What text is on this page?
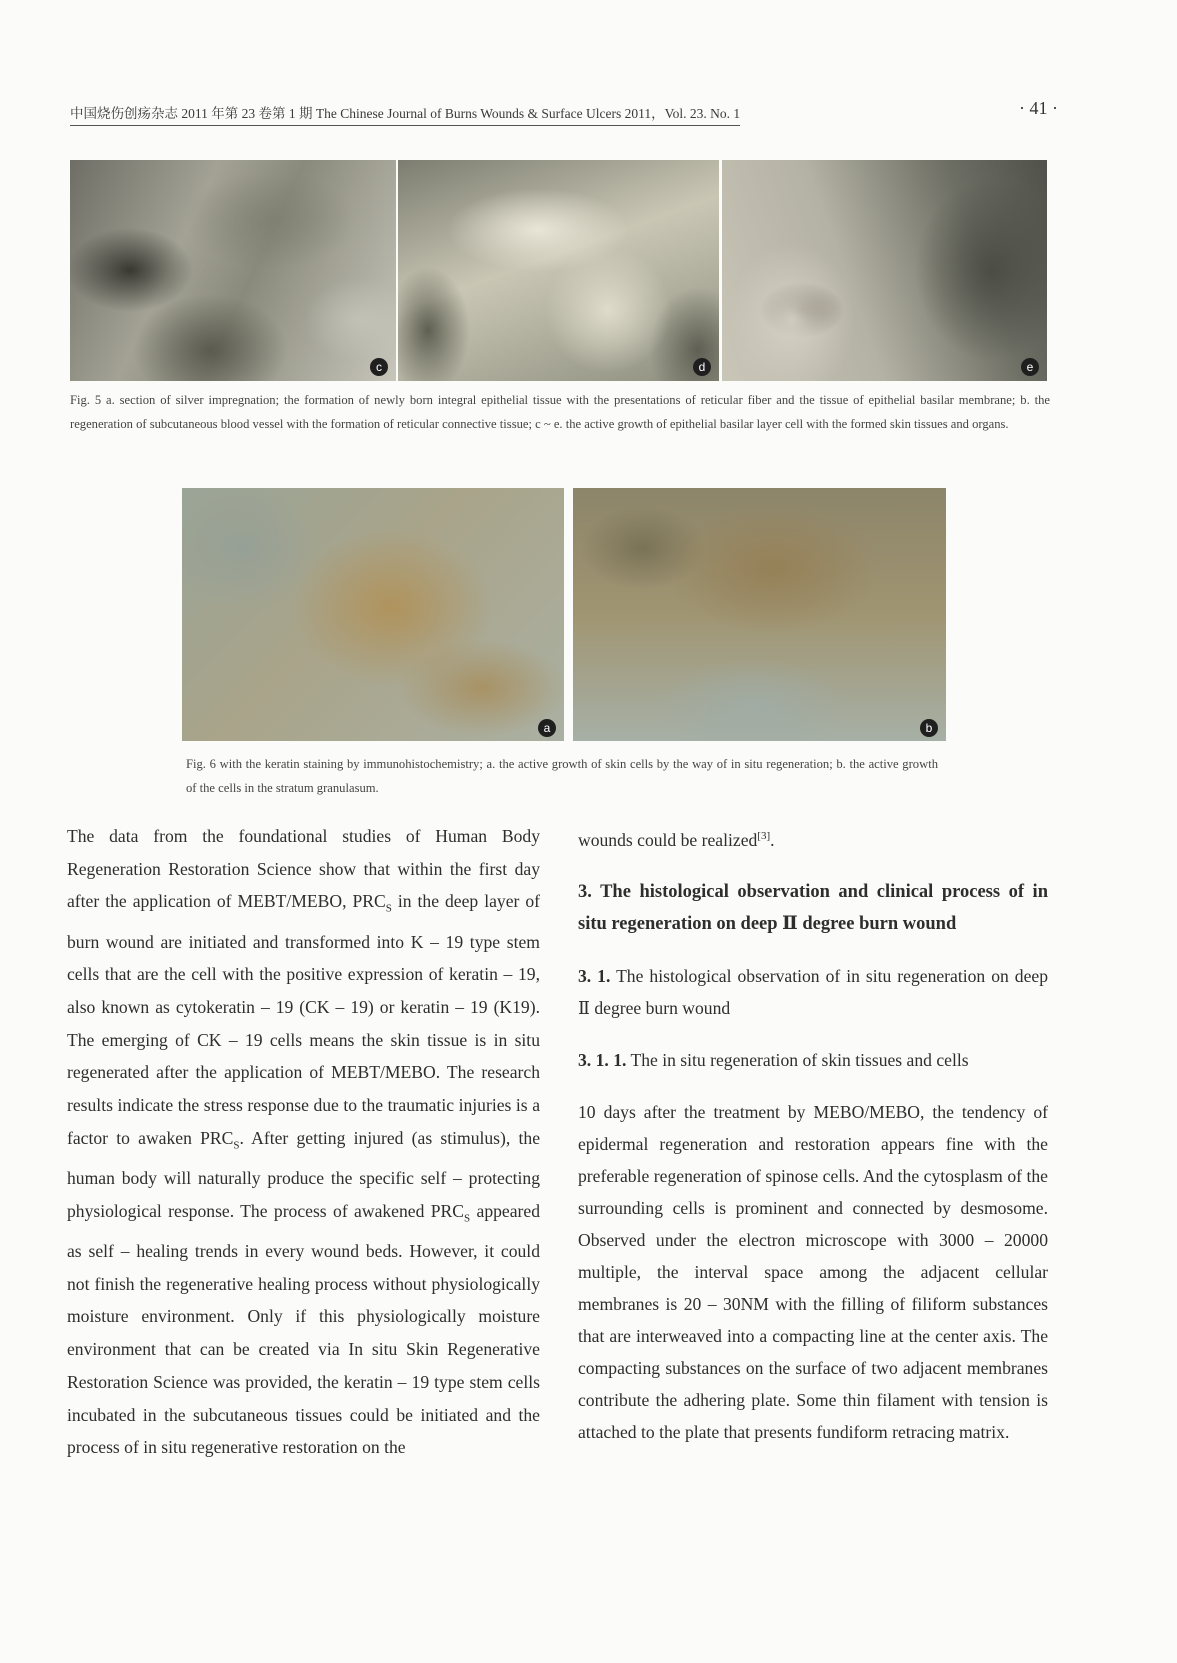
中国烧伤创疡杂志 2011 年第 23 卷第 1 期 The Chinese Journal of Burns Wounds & Surface Ulcers 2011，Vol. 23. No. 1	· 41 ·
c	d	e
Fig. 5 a. section of silver impregnation; the formation of newly born integral epithelial tissue with the presentations of reticular fiber and the tissue of epithelial basilar membrane; b. the regeneration of subcutaneous blood vessel with the formation of reticular connective tissue; c ~ e. the active growth of epithelial basilar layer cell with the formed skin tissues and organs.
a	b
Fig. 6 with the keratin staining by immunohistochemistry; a. the active growth of skin cells by the way of in situ regeneration; b. the active growth of the cells in the stratum granulasum.

The data from the foundational studies of Human Body Regeneration Restoration Science show that within the first day after the application of MEBT/MEBO, $PRC_S$ in the deep layer of burn wound are initiated and transformed into K – 19 type stem cells that are the cell with the positive expression of keratin – 19, also known as cytokeratin – 19 (CK – 19) or keratin – 19 (K19). The emerging of CK – 19 cells means the skin tissue is in situ regenerated after the application of MEBT/MEBO. The research results indicate the stress response due to the traumatic injuries is a factor to awaken $PRC_S$. After getting injured (as stimulus), the human body will naturally produce the specific self – protecting physiological response. The process of awakened $PRC_S$ appeared as self – healing trends in every wound beds. However, it could not finish the regenerative healing process without physiologically moisture environment. Only if this physiologically moisture environment that can be created via In situ Skin Regenerative Restoration Science was provided, the keratin – 19 type stem cells incubated in the subcutaneous tissues could be initiated and the process of in situ regenerative restoration on the

wounds could be realized[3].

3. The histological observation and clinical process of in situ regeneration on deep Ⅱ degree burn wound

3. 1. The histological observation of in situ regeneration on deep Ⅱ degree burn wound

3. 1. 1. The in situ regeneration of skin tissues and cells

10 days after the treatment by MEBO/MEBO, the tendency of epidermal regeneration and restoration appears fine with the preferable regeneration of spinose cells. And the cytosplasm of the surrounding cells is prominent and connected by desmosome. Observed under the electron microscope with 3000 – 20000 multiple, the interval space among the adjacent cellular membranes is 20 – 30NM with the filling of filiform substances that are interweaved into a compacting line at the center axis. The compacting substances on the surface of two adjacent membranes contribute the adhering plate. Some thin filament with tension is attached to the plate that presents fundiform retracing matrix.
